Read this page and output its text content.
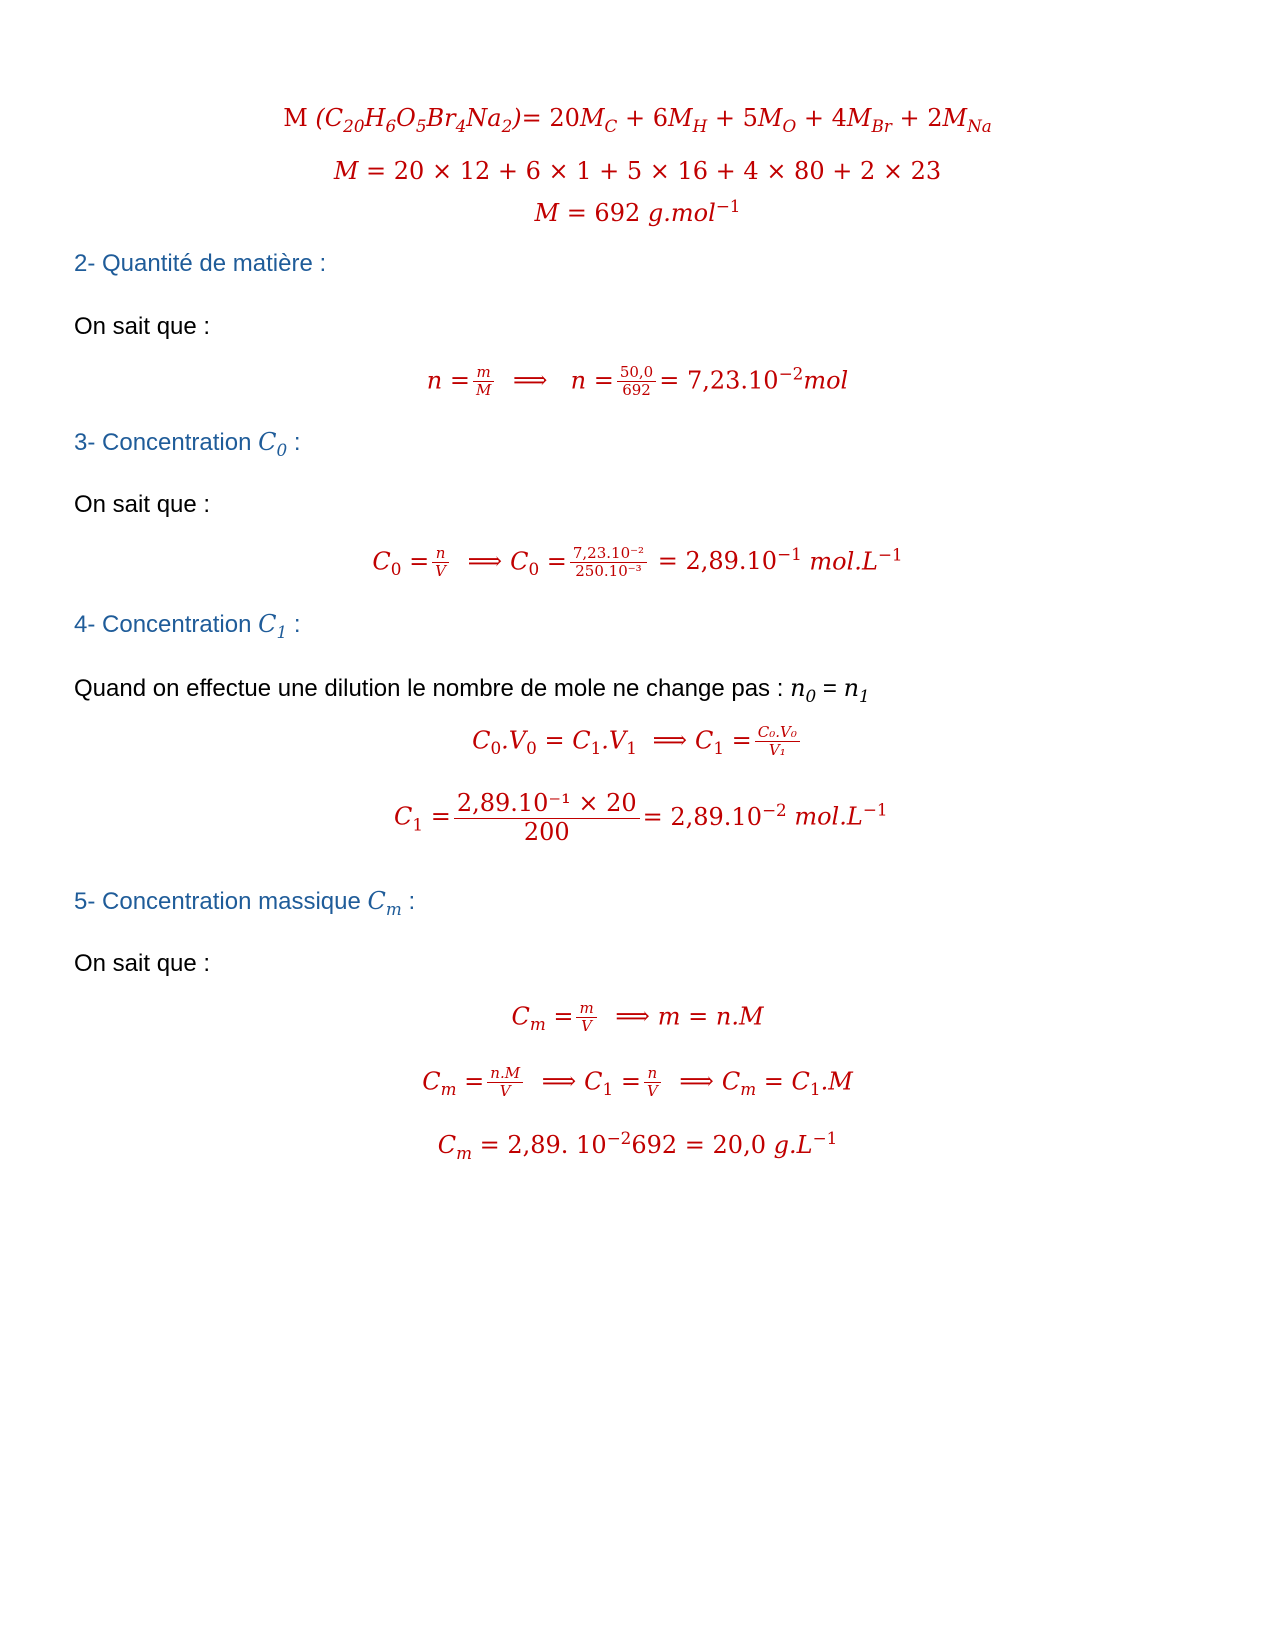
M $(C_{20}H_6O_5Br_4Na_2)= 20M_C + 6M_H + 5M_O + 4M_{Br} + 2M_{Na}$
M = 20 × 12 + 6 × 1 + 5 × 16 + 4 × 80 + 2 × 23
M = 692 g.mol$^{-1}$
2- Quantité de matière :
On sait que :
$n = \frac{m}{M}$ ⟹  $n = \frac{50,0}{692} = 7,23.10^{-2}mol$
3- Concentration $C_0$ :
On sait que :
$C_0 = \frac{n}{V}$ ⟹ $C_0 = \frac{\text{7,23.10⁻²}}{\text{250.10⁻³}} = 2,89.10^{-1}$ $mol.L^{-1}$
4- Concentration $C_1$ :
Quand on effectue une dilution le nombre de mole ne change pas : $n_0 = n_1$
$C_0.V_0 = C_1.V_1$ ⟹ $C_1 = \frac{\text{C₀.V₀}}{\text{V₁}}$
$C_1 = \frac{\text{2,89.10⁻¹ × 20}}{200} = 2,89.10^{-2}$ $mol.L^{-1}$
5- Concentration massique $C_m$ :
On sait que :
$C_m = \frac{m}{V}$ ⟹ m = n.M
$C_m = \frac{n.M}{V}$ ⟹ $C_1 = \frac{n}{V}$ ⟹ $C_m = C_1.M$
$C_m = 2,89$. $10^{-2}692 = 20,0$ $g.L^{-1}$
